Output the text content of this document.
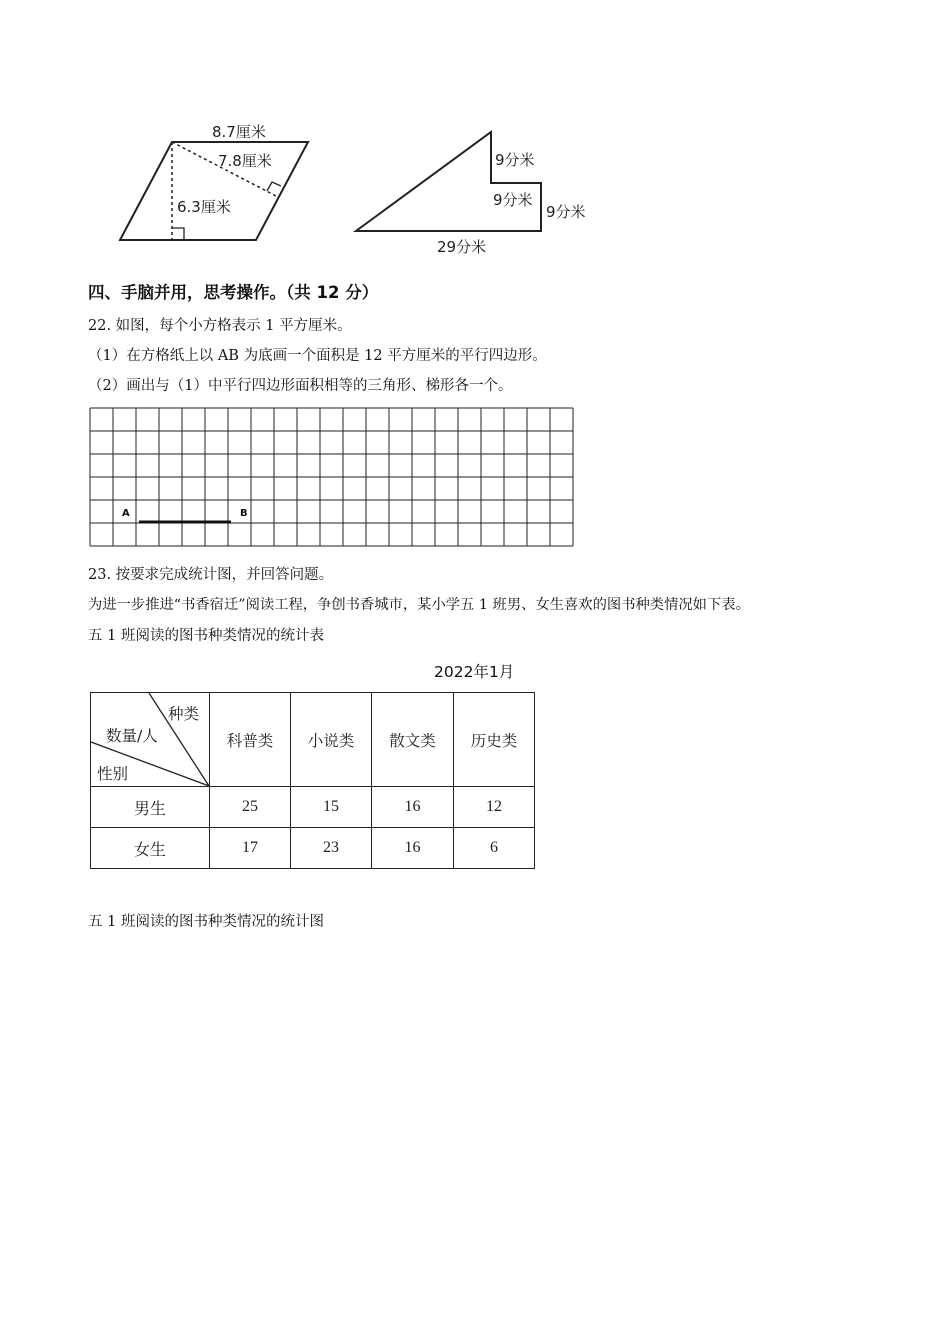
8.7厘米
7.8厘米
6.3厘米
9分米
9分米
9分米
29分米
四、手脑并用，思考操作。（共 12 分）
22. 如图，每个小方格表示 1 平方厘米。
（1）在方格纸上以 AB 为底画一个面积是 12 平方厘米的平行四边形。
（2）画出与（1）中平行四边形面积相等的三角形、梯形各一个。
A	B
23. 按要求完成统计图，并回答问题。
为进一步推进“书香宿迁”阅读工程，争创书香城市，某小学五 1 班男、女生喜欢的图书种类情况如下表。
五 1 班阅读的图书种类情况的统计表
2022年1月
种类
数量/人
性别	科普类	小说类	散文类	历史类
男生	25	15	16	12
女生	17	23	16	6
五 1 班阅读的图书种类情况的统计图
